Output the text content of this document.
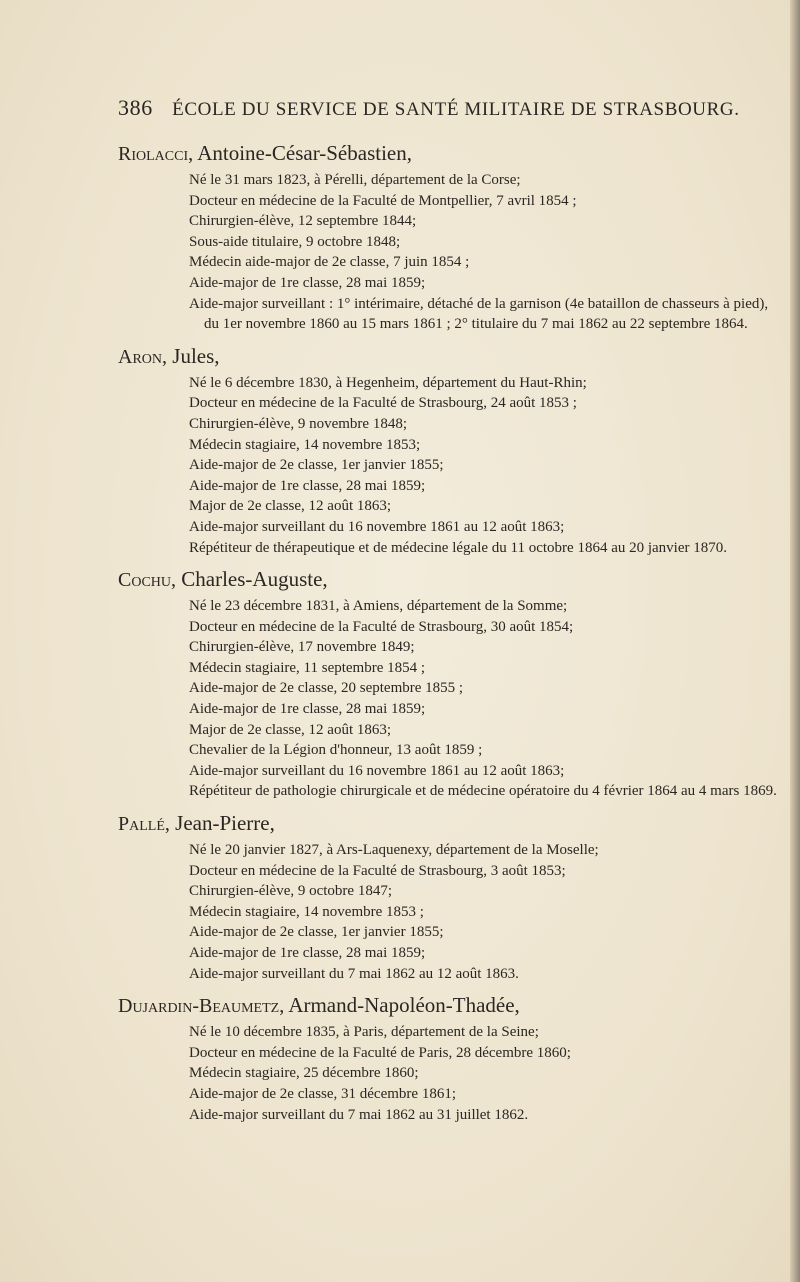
386 ÉCOLE DU SERVICE DE SANTÉ MILITAIRE DE STRASBOURG.
Riolacci, Antoine-César-Sébastien,
Né le 31 mars 1823, à Pérelli, département de la Corse;
Docteur en médecine de la Faculté de Montpellier, 7 avril 1854 ;
Chirurgien-élève, 12 septembre 1844;
Sous-aide titulaire, 9 octobre 1848;
Médecin aide-major de 2e classe, 7 juin 1854 ;
Aide-major de 1re classe, 28 mai 1859;
Aide-major surveillant : 1° intérimaire, détaché de la garnison (4e bataillon de chasseurs à pied), du 1er novembre 1860 au 15 mars 1861 ; 2° titulaire du 7 mai 1862 au 22 septembre 1864.
Aron, Jules,
Né le 6 décembre 1830, à Hegenheim, département du Haut-Rhin;
Docteur en médecine de la Faculté de Strasbourg, 24 août 1853 ;
Chirurgien-élève, 9 novembre 1848;
Médecin stagiaire, 14 novembre 1853;
Aide-major de 2e classe, 1er janvier 1855;
Aide-major de 1re classe, 28 mai 1859;
Major de 2e classe, 12 août 1863;
Aide-major surveillant du 16 novembre 1861 au 12 août 1863;
Répétiteur de thérapeutique et de médecine légale du 11 octobre 1864 au 20 janvier 1870.
Cochu, Charles-Auguste,
Né le 23 décembre 1831, à Amiens, département de la Somme;
Docteur en médecine de la Faculté de Strasbourg, 30 août 1854;
Chirurgien-élève, 17 novembre 1849;
Médecin stagiaire, 11 septembre 1854 ;
Aide-major de 2e classe, 20 septembre 1855 ;
Aide-major de 1re classe, 28 mai 1859;
Major de 2e classe, 12 août 1863;
Chevalier de la Légion d'honneur, 13 août 1859 ;
Aide-major surveillant du 16 novembre 1861 au 12 août 1863;
Répétiteur de pathologie chirurgicale et de médecine opératoire du 4 février 1864 au 4 mars 1869.
Pallé, Jean-Pierre,
Né le 20 janvier 1827, à Ars-Laquenexy, département de la Moselle;
Docteur en médecine de la Faculté de Strasbourg, 3 août 1853;
Chirurgien-élève, 9 octobre 1847;
Médecin stagiaire, 14 novembre 1853 ;
Aide-major de 2e classe, 1er janvier 1855;
Aide-major de 1re classe, 28 mai 1859;
Aide-major surveillant du 7 mai 1862 au 12 août 1863.
Dujardin-Beaumetz, Armand-Napoléon-Thadée,
Né le 10 décembre 1835, à Paris, département de la Seine;
Docteur en médecine de la Faculté de Paris, 28 décembre 1860;
Médecin stagiaire, 25 décembre 1860;
Aide-major de 2e classe, 31 décembre 1861;
Aide-major surveillant du 7 mai 1862 au 31 juillet 1862.
